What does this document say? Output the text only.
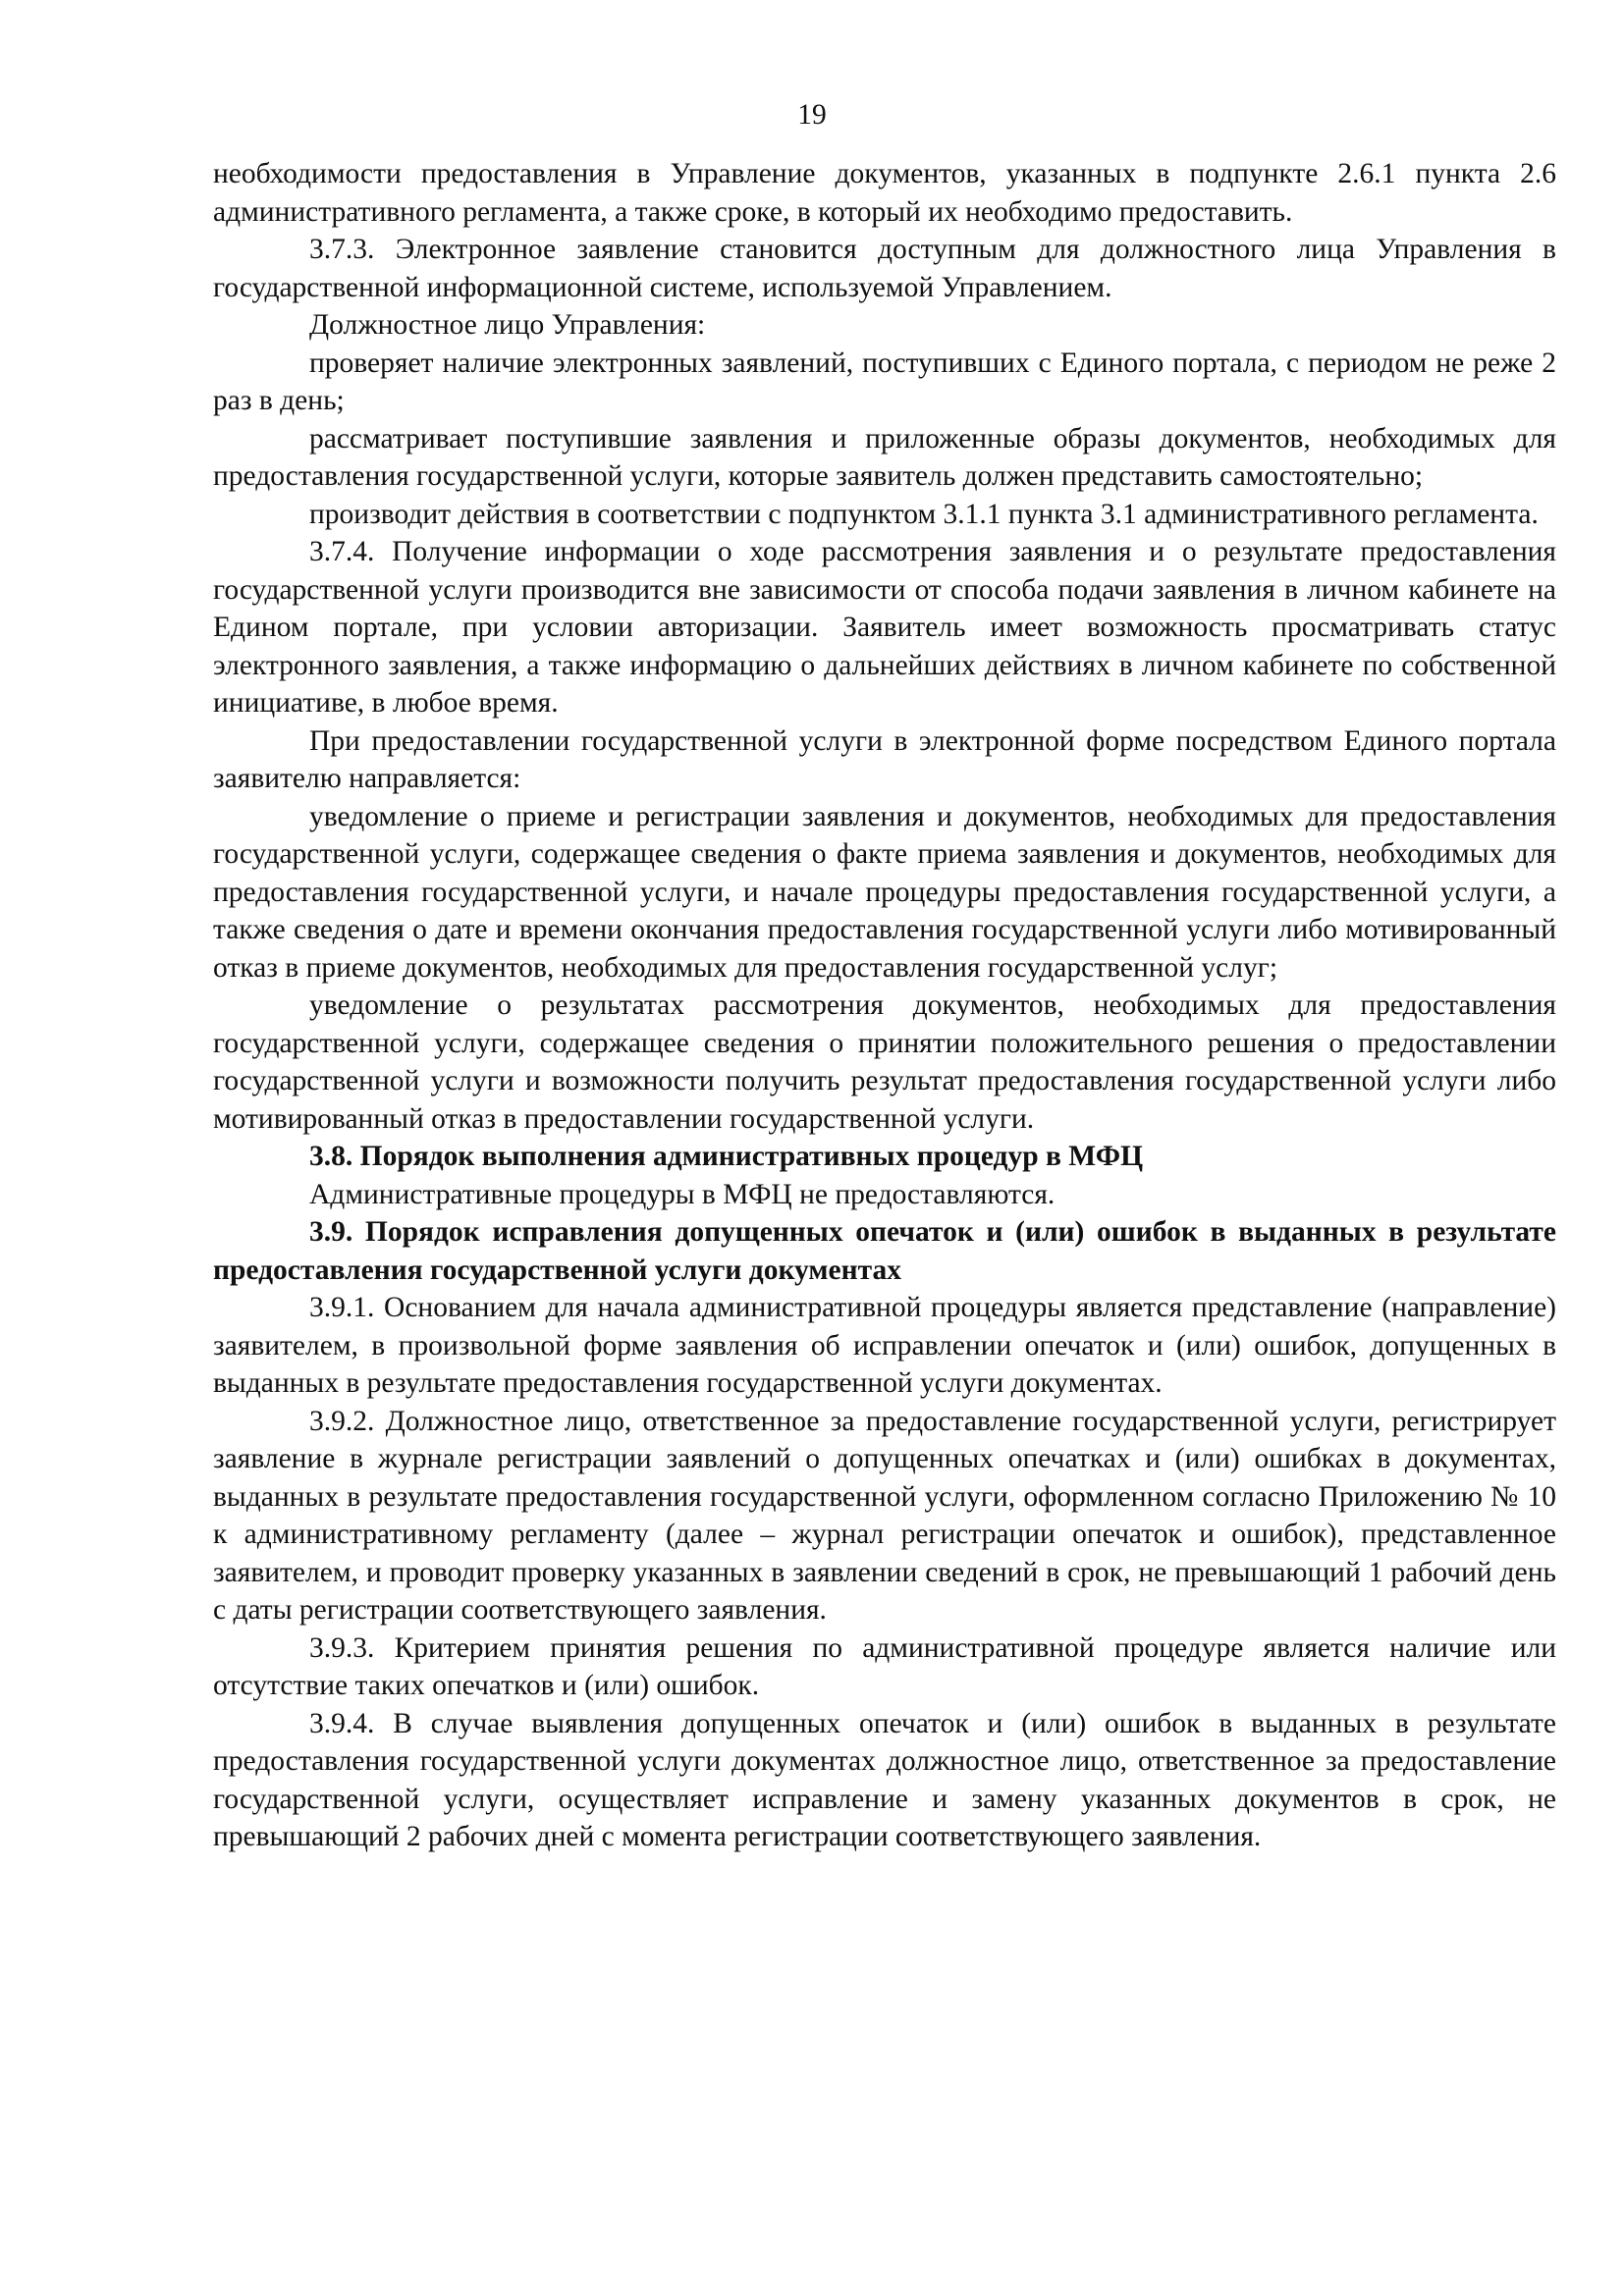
19

необходимости предоставления в Управление документов, указанных в подпункте 2.6.1 пункта 2.6 административного регламента, а также сроке, в который их необходимо предоставить.

3.7.3. Электронное заявление становится доступным для должностного лица Управления в государственной информационной системе, используемой Управлением.

Должностное лицо Управления:

проверяет наличие электронных заявлений, поступивших с Единого портала, с периодом не реже 2 раз в день;

рассматривает поступившие заявления и приложенные образы документов, необходимых для предоставления государственной услуги, которые заявитель должен представить самостоятельно;

производит действия в соответствии с подпунктом 3.1.1 пункта 3.1 административного регламента.

3.7.4. Получение информации о ходе рассмотрения заявления и о результате предоставления государственной услуги производится вне зависимости от способа подачи заявления в личном кабинете на Едином портале, при условии авторизации. Заявитель имеет возможность просматривать статус электронного заявления, а также информацию о дальнейших действиях в личном кабинете по собственной инициативе, в любое время.

При предоставлении государственной услуги в электронной форме посредством Единого портала заявителю направляется:

уведомление о приеме и регистрации заявления и документов, необходимых для предоставления государственной услуги, содержащее сведения о факте приема заявления и документов, необходимых для предоставления государственной услуги, и начале процедуры предоставления государственной услуги, а также сведения о дате и времени окончания предоставления государственной услуги либо мотивированный отказ в приеме документов, необходимых для предоставления государственной услуг;

уведомление о результатах рассмотрения документов, необходимых для предоставления государственной услуги, содержащее сведения о принятии положительного решения о предоставлении государственной услуги и возможности получить результат предоставления государственной услуги либо мотивированный отказ в предоставлении государственной услуги.

3.8. Порядок выполнения административных процедур в МФЦ

Административные процедуры в МФЦ не предоставляются.

3.9. Порядок исправления допущенных опечаток и (или) ошибок в выданных в результате предоставления государственной услуги документах

3.9.1. Основанием для начала административной процедуры является представление (направление) заявителем, в произвольной форме заявления об исправлении опечаток и (или) ошибок, допущенных в выданных в результате предоставления государственной услуги документах.

3.9.2. Должностное лицо, ответственное за предоставление государственной услуги, регистрирует заявление в журнале регистрации заявлений о допущенных опечатках и (или) ошибках в документах, выданных в результате предоставления государственной услуги, оформленном согласно Приложению № 10 к административному регламенту (далее – журнал регистрации опечаток и ошибок), представленное заявителем, и проводит проверку указанных в заявлении сведений в срок, не превышающий 1 рабочий день с даты регистрации соответствующего заявления.

3.9.3. Критерием принятия решения по административной процедуре является наличие или отсутствие таких опечатков и (или) ошибок.

3.9.4. В случае выявления допущенных опечаток и (или) ошибок в выданных в результате предоставления государственной услуги документах должностное лицо, ответственное за предоставление государственной услуги, осуществляет исправление и замену указанных документов в срок, не превышающий 2 рабочих дней с момента регистрации соответствующего заявления.
